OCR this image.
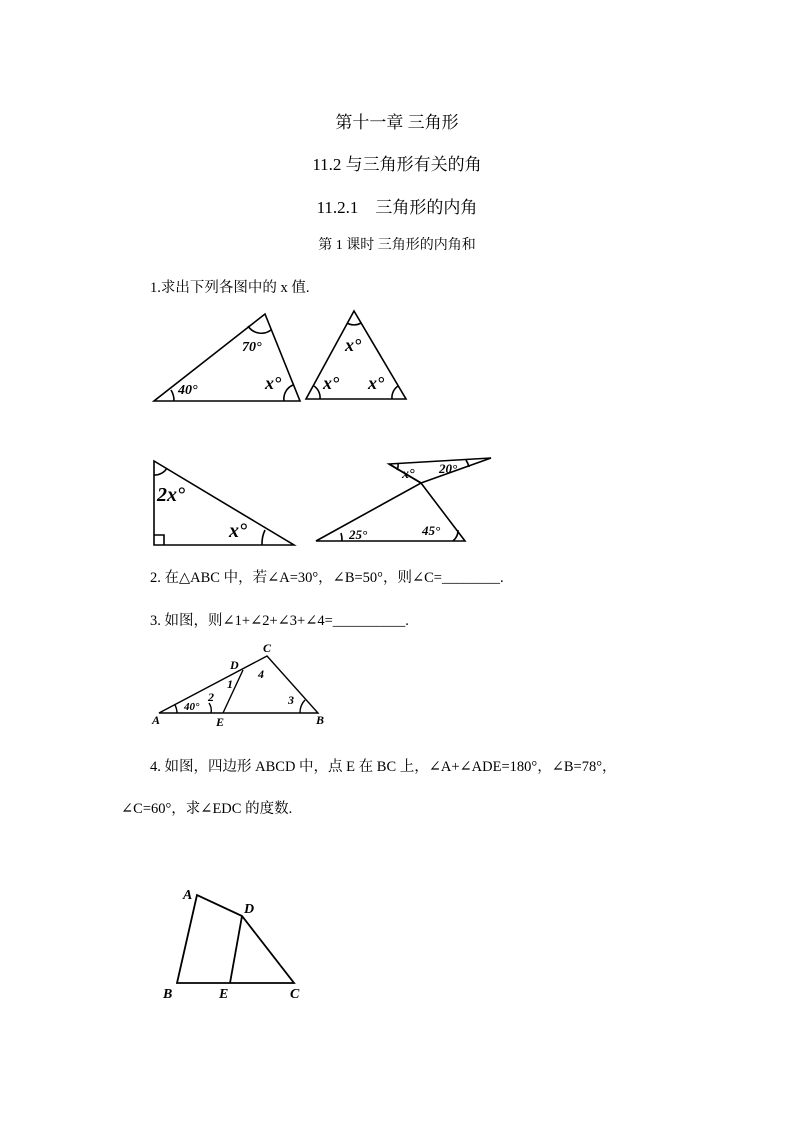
第十一章 三角形
11.2 与三角形有关的角
11.2.1　三角形的内角
第 1 课时 三角形的内角和
1.求出下列各图中的 x 值.
2. 在△ABC 中，若∠A=30°，∠B=50°，则∠C=________.
3. 如图，则∠1+∠2+∠3+∠4=__________.
4. 如图，四边形 ABCD 中，点 E 在 BC 上，∠A+∠ADE=180°，∠B=78°，
∠C=60°，求∠EDC 的度数.
70°
40°	x°
x°
x° x°
2x°
x°
x° 20°
25°	45°
C
D
A	E	B
40°
1
2	3
4
A
D
B	E	C
